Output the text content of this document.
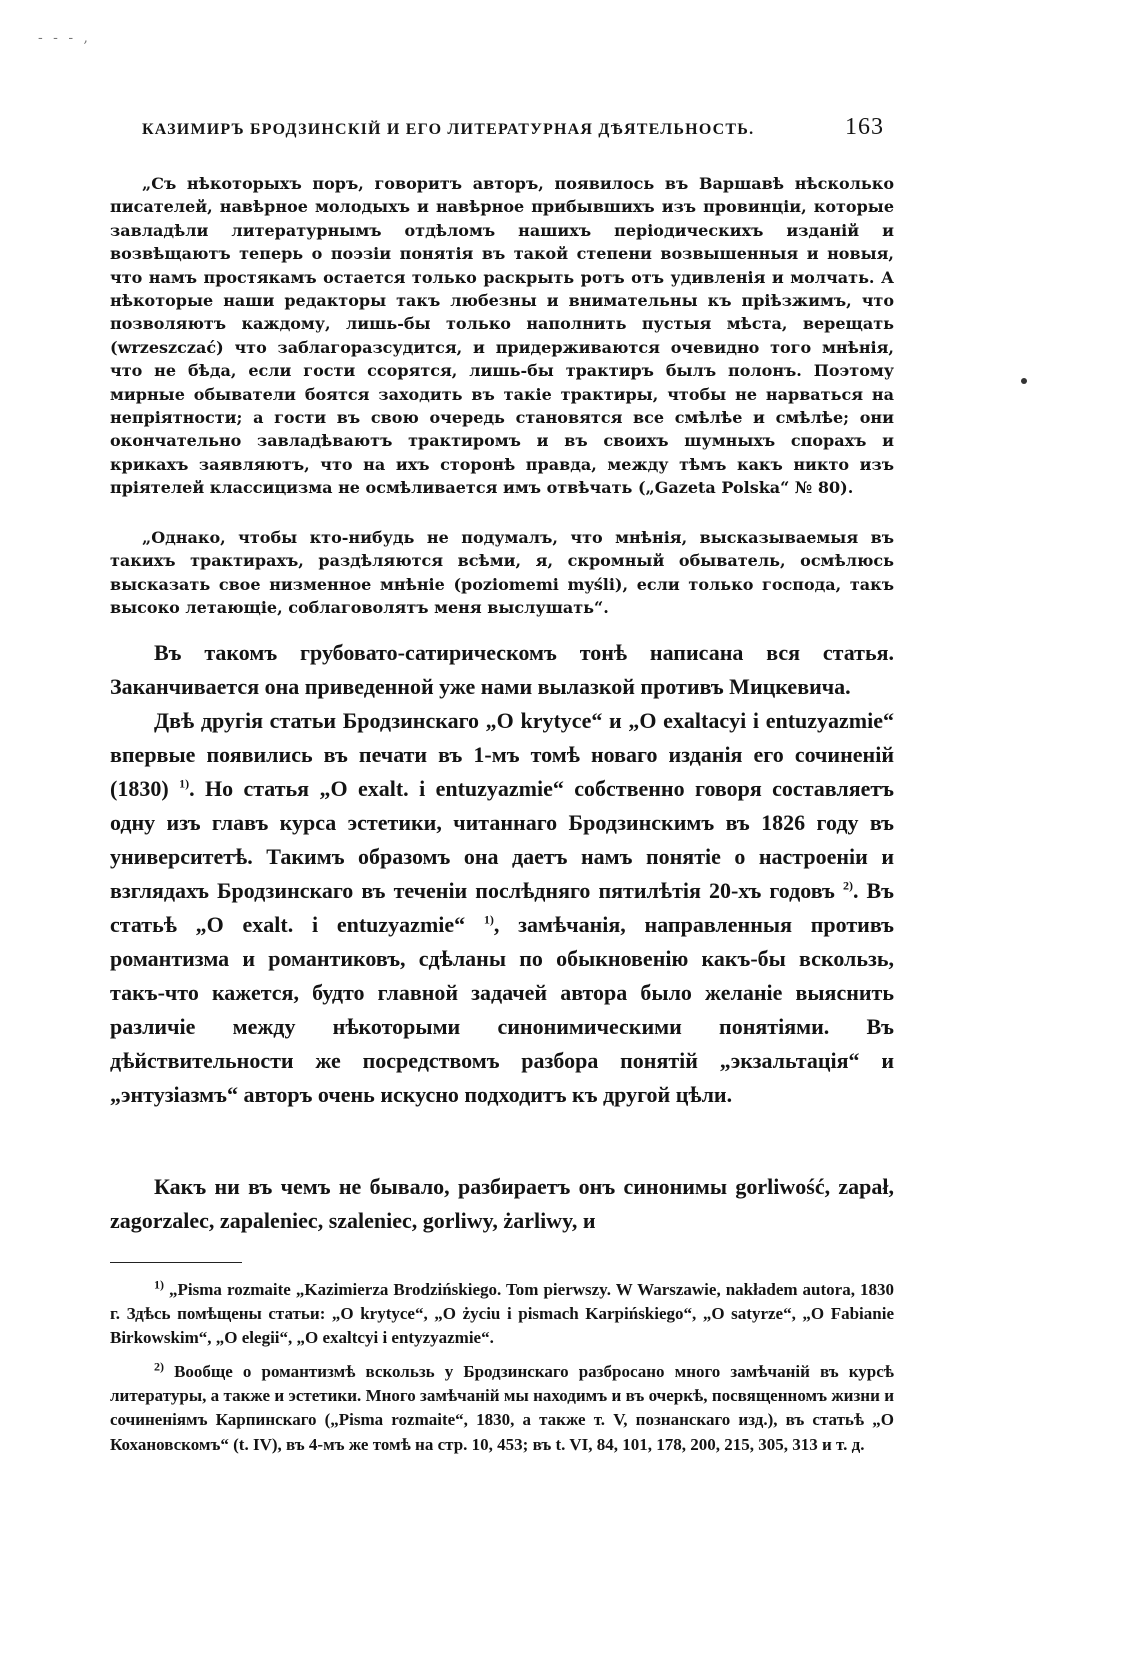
- - - ,
КАЗИМИРЪ БРОДЗИНСКІЙ И ЕГО ЛИТЕРАТУРНАЯ ДѢЯТЕЛЬНОСТЬ.	163

„Съ нѣкоторыхъ поръ, говоритъ авторъ, появилось въ Варшавѣ нѣсколько писателей, навѣрное молодыхъ и навѣрное прибывшихъ изъ провинціи, которые завладѣли литературнымъ отдѣломъ нашихъ періодическихъ изданій и возвѣщаютъ теперь о поэзіи понятія въ такой степени возвышенныя и новыя, что намъ простякамъ остается только раскрыть ротъ отъ удивленія и молчать. А нѣкоторые наши редакторы такъ любезны и внимательны къ пріѣзжимъ, что позволяютъ каждому, лишь-бы только наполнить пустыя мѣста, верещать (wrzeszczać) что заблагоразсудится, и придерживаются очевидно того мнѣнія, что не бѣда, если гости ссорятся, лишь-бы трактиръ былъ полонъ. Поэтому мирные обыватели боятся заходить въ такіе трактиры, чтобы не нарваться на непріятности; а гости въ свою очередь становятся все смѣлѣе и смѣлѣе; они окончательно завладѣваютъ трактиромъ и въ своихъ шумныхъ спорахъ и крикахъ заявляютъ, что на ихъ сторонѣ правда, между тѣмъ какъ никто изъ пріятелей классицизма не осмѣливается имъ отвѣчать („Gazeta Polska“ № 80).

„Однако, чтобы кто-нибудь не подумалъ, что мнѣнія, высказываемыя въ такихъ трактирахъ, раздѣляются всѣми, я, скромный обыватель, осмѣлюсь высказать свое низменное мнѣніе (poziomemi myśli), если только господа, такъ высоко летающіе, соблаговолятъ меня выслушать“.

Въ такомъ грубовато-сатирическомъ тонѣ написана вся статья. Заканчивается она приведенной уже нами вылазкой противъ Мицкевича.

Двѣ другія статьи Бродзинскаго „O krytyce“ и „O exaltacyi i entuzyazmie“ впервые появились въ печати въ 1-мъ томѣ новаго изданія его сочиненій (1830) $^{1)}$. Но статья „O exalt. i entuzyazmie“ собственно говоря составляетъ одну изъ главъ курса эстетики, читаннаго Бродзинскимъ въ 1826 году въ университетѣ. Такимъ образомъ она даетъ намъ понятіе о настроеніи и взглядахъ Бродзинскаго въ теченіи послѣдняго пятилѣтія 20-хъ годовъ $^{2)}$. Въ статьѣ „O exalt. i entuzyazmie“ $^{1)}$, замѣчанія, направленныя противъ романтизма и романтиковъ, сдѣланы по обыкновенію какъ-бы вскользь, такъ-что кажется, будто главной задачей автора было желаніе выяснить различіе между нѣкоторыми синонимическими понятіями. Въ дѣйствительности же посредствомъ разбора понятій „экзальтація“ и „энтузіазмъ“ авторъ очень искусно подходитъ къ другой цѣли.

Какъ ни въ чемъ не бывало, разбираетъ онъ синонимы gorliwość, zapał, zagorzalec, zapaleniec, szaleniec, gorliwy, żarliwy, и

$^{1)}$ „Pisma rozmaite „Kazimierza Brodzińskiego. Tom pierwszy. W Warszawie, nakładem autora, 1830 г. Здѣсь помѣщены статьи: „O krytyce“, „O życiu i pismach Karpińskiego“, „O satyrze“, „O Fabianie Birkowskim“, „O elegii“, „O exaltcyi i entyzyazmie“.

$^{2)}$ Вообще о романтизмѣ вскользь у Бродзинскаго разбросано много замѣчаній въ курсѣ литературы, а также и эстетики. Много замѣчаній мы находимъ и въ очеркѣ, посвященномъ жизни и сочиненіямъ Карпинскаго („Pisma rozmaite“, 1830, а также т. V, познанскаго изд.), въ статьѣ „О Кохановскомъ“ (t. IV), въ 4-мъ же томѣ на стр. 10, 453; въ t. VI, 84, 101, 178, 200, 215, 305, 313 и т. д.
